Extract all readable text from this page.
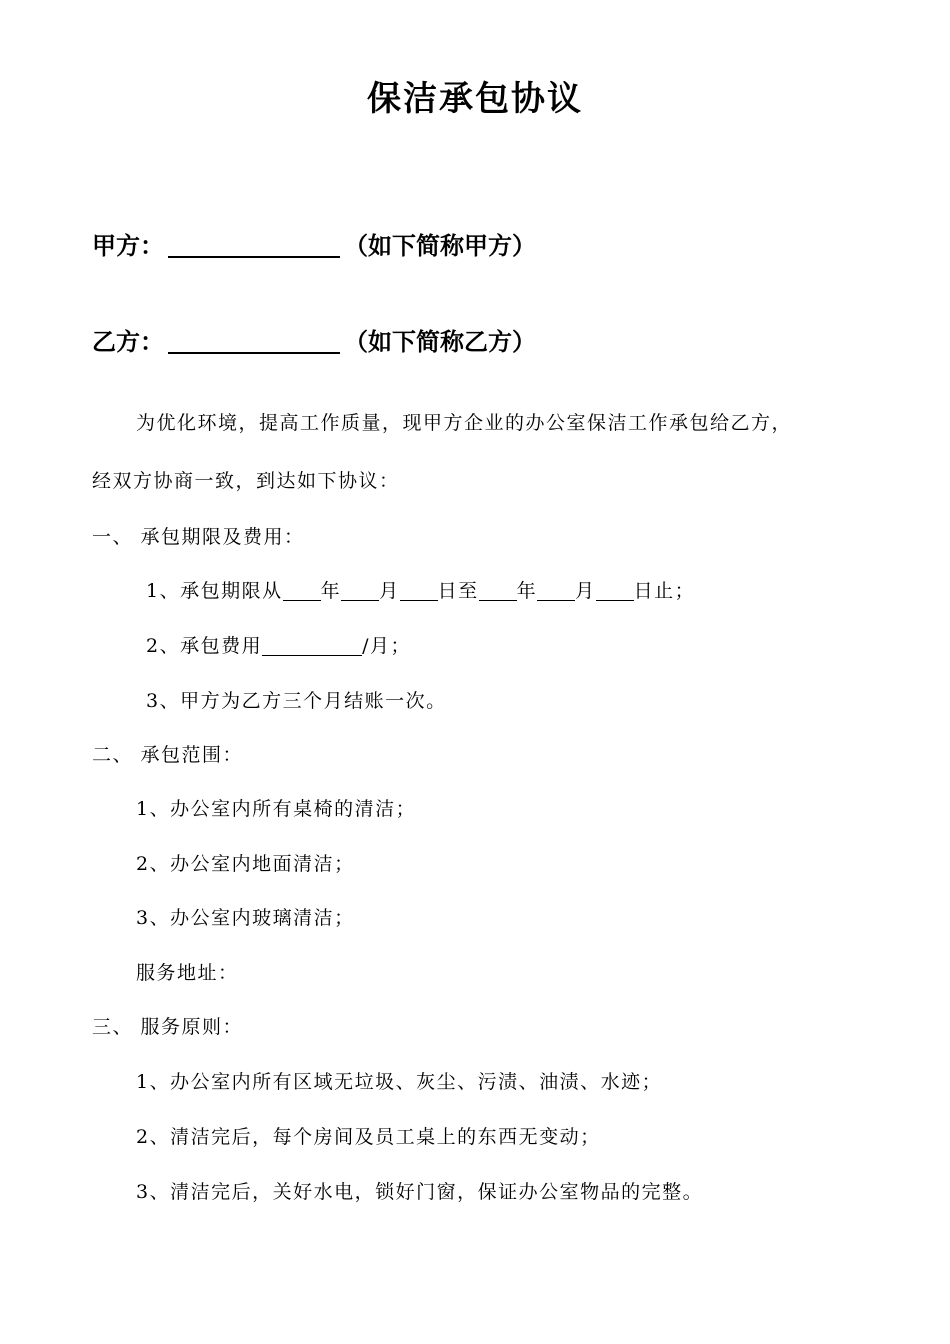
保洁承包协议
甲方：	（如下简称甲方）
乙方：	（如下简称乙方）
为优化环境，提高工作质量，现甲方企业的办公室保洁工作承包给乙方，
经双方协商一致，到达如下协议：
一、 承包期限及费用：
1、承包期限从 年 月 日至 年 月 日止；
2、承包费用	/月；
3、甲方为乙方三个月结账一次。
二、 承包范围：
1、办公室内所有桌椅的清洁；
2、办公室内地面清洁；
3、办公室内玻璃清洁；
服务地址：
三、 服务原则：
1、办公室内所有区域无垃圾、灰尘、污渍、油渍、水迹；
2、清洁完后，每个房间及员工桌上的东西无变动；
3、清洁完后，关好水电，锁好门窗，保证办公室物品的完整。
